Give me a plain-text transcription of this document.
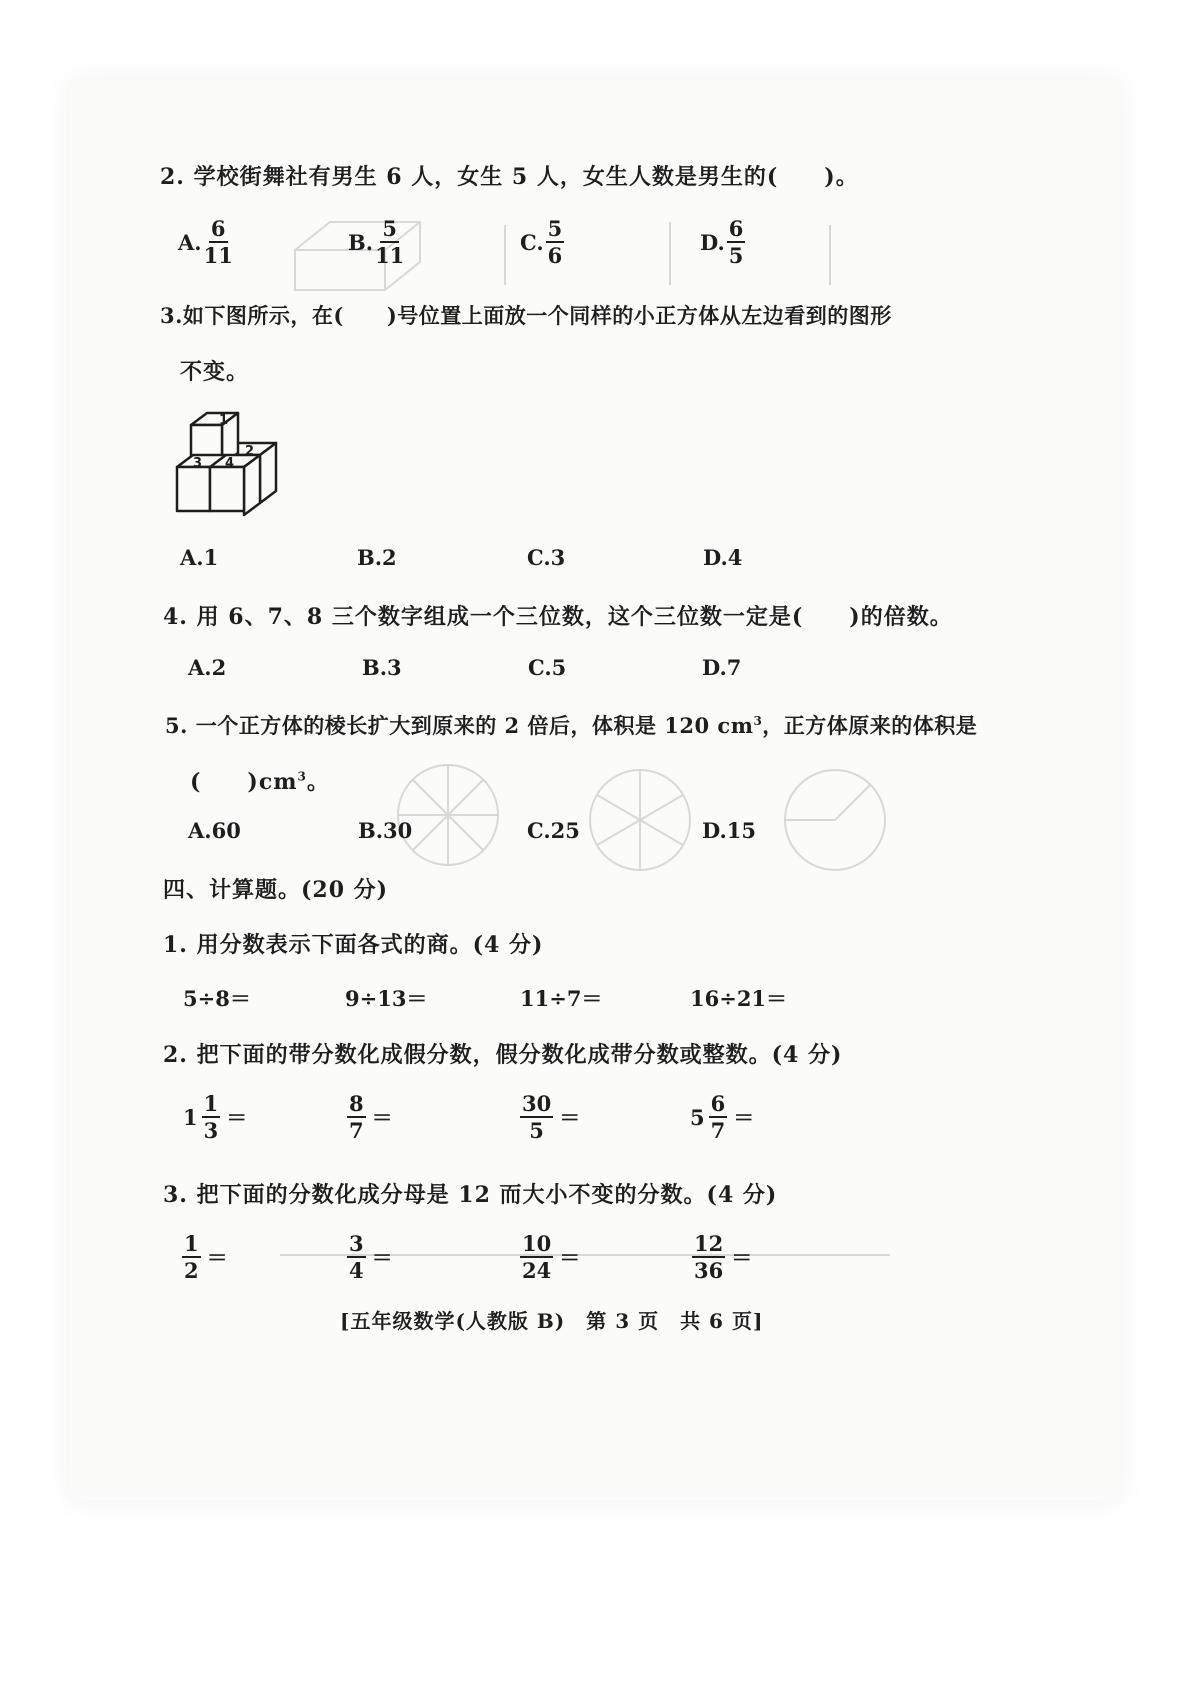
2. 学校街舞社有男生 6 人，女生 5 人，女生人数是男生的(　　)。
A. $\frac{6}{11}$	B. $\frac{5}{11}$	C. $\frac{5}{6}$	D. $\frac{6}{5}$
3.如下图所示，在(　　)号位置上面放一个同样的小正方体从左边看到的图形
不变。
1
2
3 4
A.1	B.2	C.3	D.4
4. 用 6、7、8 三个数字组成一个三位数，这个三位数一定是(　　)的倍数。
A.2	B.3	C.5	D.7
5. 一个正方体的棱长扩大到原来的 2 倍后，体积是 120 $cm^3$，正方体原来的体积是
(　　)$cm^3$。
A.60	B.30	C.25	D.15
四、计算题。(20 分)
1. 用分数表示下面各式的商。(4 分)
5÷8＝	9÷13＝	11÷7＝	16÷21＝
2. 把下面的带分数化成假分数，假分数化成带分数或整数。(4 分)
$1 \frac{1}{3}$ ＝	$\frac{8}{7}$ ＝	$\frac{30}{5}$ ＝	$5 \frac{6}{7}$ ＝
3. 把下面的分数化成分母是 12 而大小不变的分数。(4 分)
$\frac{1}{2}$ ＝	$\frac{3}{4}$ ＝	$\frac{10}{24}$ ＝	$\frac{12}{36}$ ＝
[五年级数学(人教版 B)　第 3 页　共 6 页]
